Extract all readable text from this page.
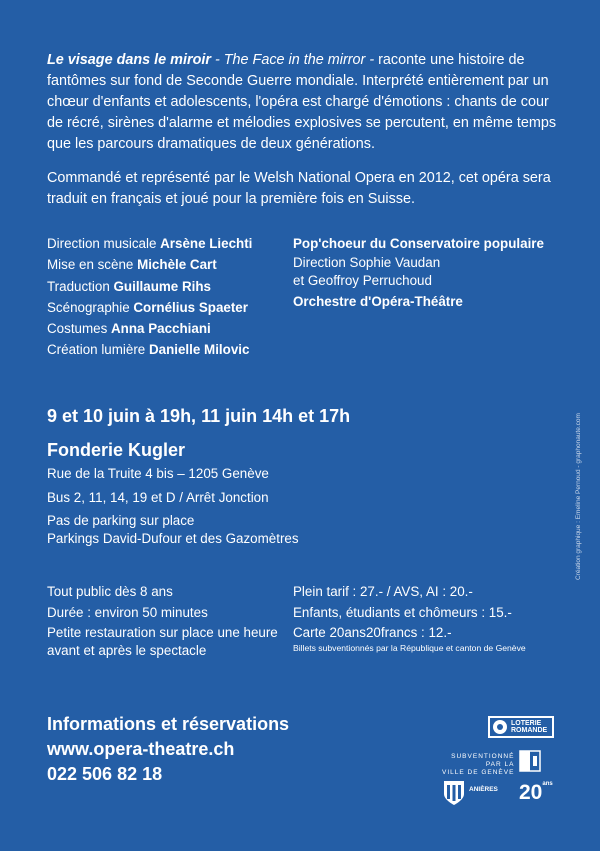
Le visage dans le miroir - The Face in the mirror - raconte une histoire de fantômes sur fond de Seconde Guerre mondiale. Interprété entièrement par un chœur d'enfants et adolescents, l'opéra est chargé d'émotions : chants de cour de récré, sirènes d'alarme et mélodies explosives se percutent, en même temps que les parcours dramatiques de deux générations.

Commandé et représenté par le Welsh National Opera en 2012, cet opéra sera traduit en français et joué pour la première fois en Suisse.

Direction musicale Arsène Liechti
Mise en scène Michèle Cart
Traduction Guillaume Rihs
Scénographie Cornélius Spaeter
Costumes Anna Pacchiani
Création lumière Danielle Milovic
Pop'choeur du Conservatoire populaire
Direction Sophie Vaudan
et Geoffroy Perruchoud
Orchestre d'Opéra-Théâtre
9 et 10 juin à 19h, 11 juin 14h et 17h
Fonderie Kugler
Rue de la Truite 4 bis – 1205 Genève
Bus 2, 11, 14, 19 et D / Arrêt Jonction
Pas de parking sur place
Parkings David-Dufour et des Gazomètres
Tout public dès 8 ans
Durée : environ 50 minutes
Petite restauration sur place une heure avant et après le spectacle
Plein tarif : 27.- / AVS, AI : 20.-
Enfants, étudiants et chômeurs : 15.-
Carte 20ans20francs : 12.-
Billets subventionnés par la République et canton de Genève
Informations et réservations
www.opera-theatre.ch
022 506 82 18
Création graphique : Emeline Pernoud - graphonaute.com
LOTERIE
ROMANDE
SUBVENTIONNÉ
PAR LA
VILLE DE GENÈVE
ANIÈRES $20^{ans}$
